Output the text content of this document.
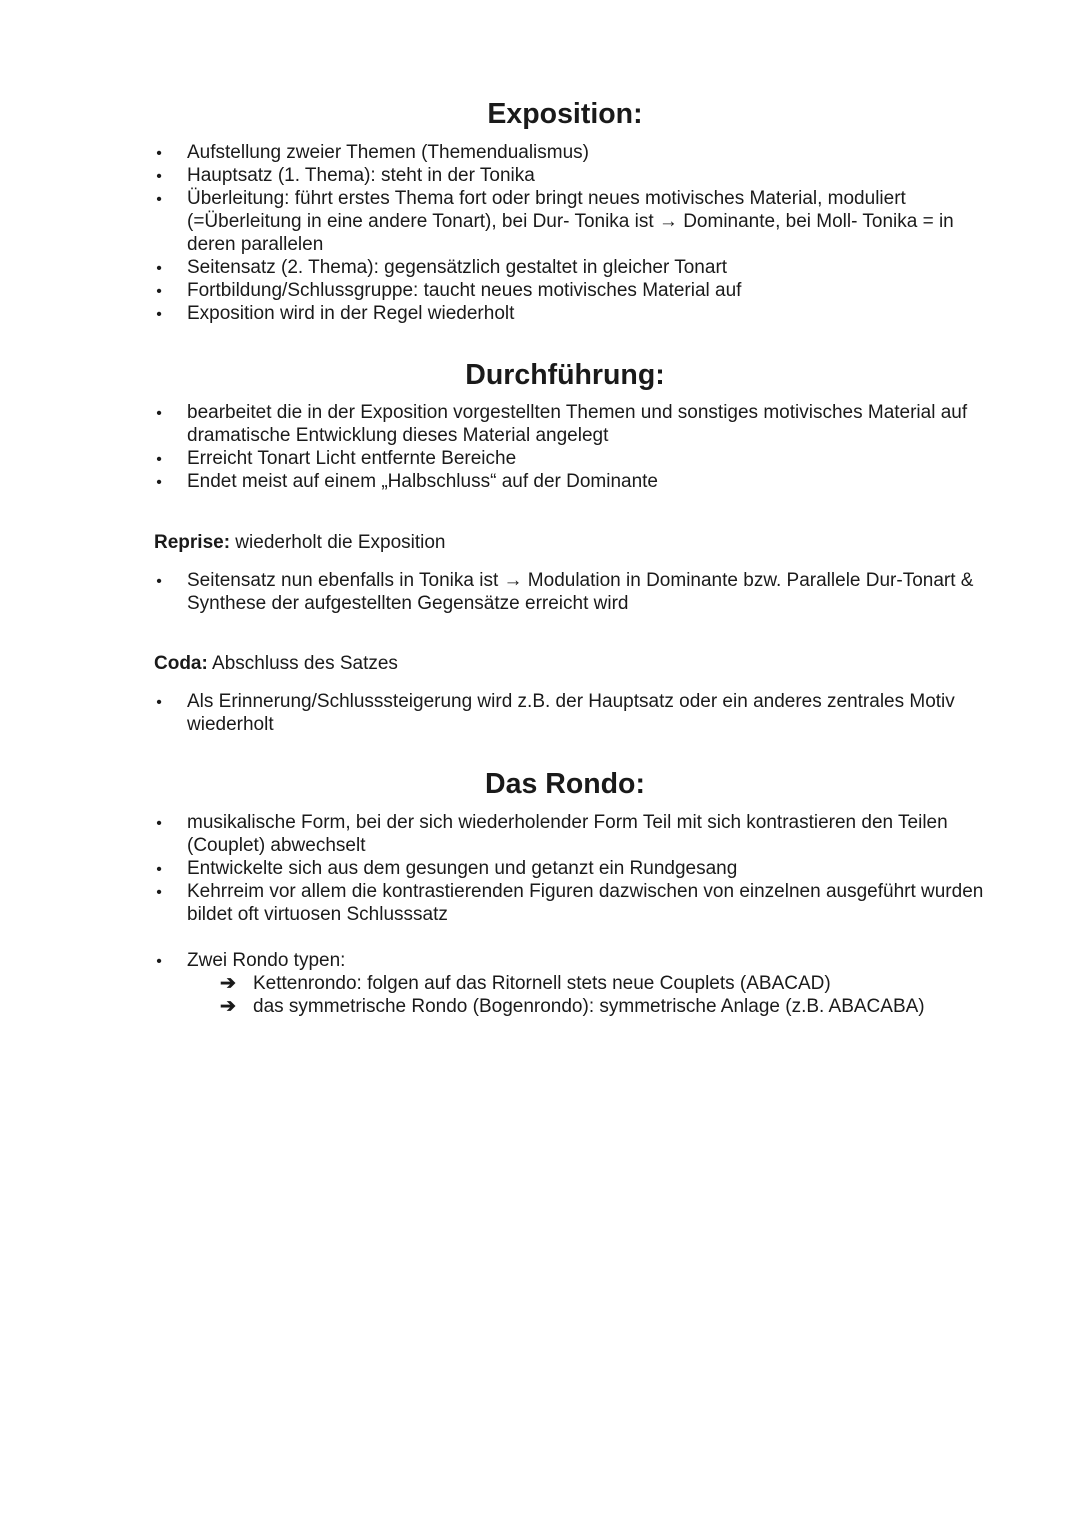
Exposition:
•
Aufstellung zweier Themen (Themendualismus)
•
Hauptsatz (1. Thema): steht in der Tonika
•
Überleitung: führt erstes Thema fort oder bringt neues motivisches Material, moduliert (=Überleitung in eine andere Tonart), bei Dur- Tonika ist → Dominante, bei Moll- Tonika = in deren parallelen
•
Seitensatz (2. Thema): gegensätzlich gestaltet in gleicher Tonart
•
Fortbildung/Schlussgruppe: taucht neues motivisches Material auf
•
Exposition wird in der Regel wiederholt
Durchführung:
•
bearbeitet die in der Exposition vorgestellten Themen und sonstiges motivisches Material auf dramatische Entwicklung dieses Material angelegt
•
Erreicht Tonart Licht entfernte Bereiche
•
Endet meist auf einem „Halbschluss“ auf der Dominante

Reprise: wiederholt die Exposition

•
Seitensatz nun ebenfalls in Tonika ist → Modulation in Dominante bzw. Parallele Dur-Tonart & Synthese der aufgestellten Gegensätze erreicht wird

Coda: Abschluss des Satzes

•
Als Erinnerung/Schlusssteigerung wird z.B. der Hauptsatz oder ein anderes zentrales Motiv wiederholt
Das Rondo:
•
musikalische Form, bei der sich wiederholender Form Teil mit sich kontrastieren den Teilen (Couplet) abwechselt
•
Entwickelte sich aus dem gesungen und getanzt ein Rundgesang
•
Kehrreim vor allem die kontrastierenden Figuren dazwischen von einzelnen ausgeführt wurden bildet oft virtuosen Schlusssatz
•
Zwei Rondo typen:
➔ Kettenrondo: folgen auf das Ritornell stets neue Couplets (ABACAD)
➔ das symmetrische Rondo (Bogenrondo): symmetrische Anlage (z.B. ABACABA)
